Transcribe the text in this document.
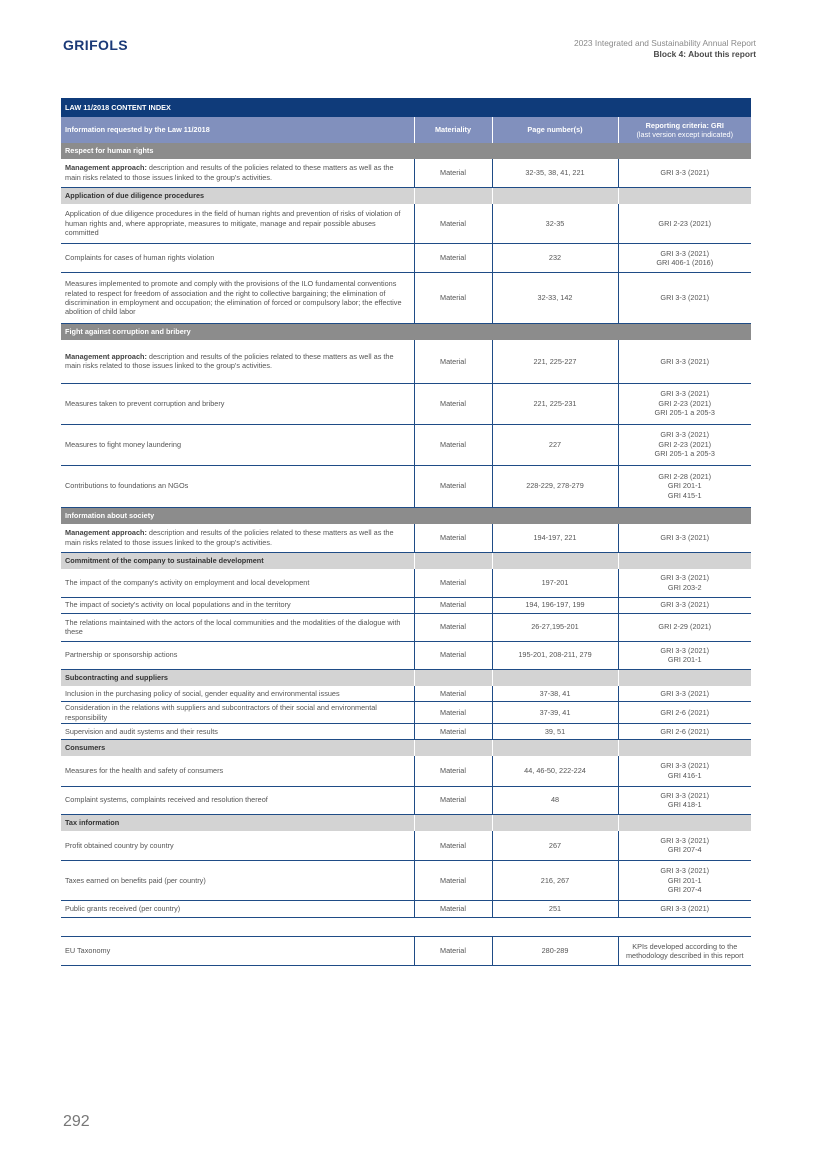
GRIFOLS	2023 Integrated and Sustainability Annual Report
Block 4: About this report
LAW 11/2018 CONTENT INDEX			
Information requested by the Law 11/2018	Materiality	Page number(s)	Reporting criteria: GRI
(last version except indicated)

Respect for human rights			
Management approach: description and results of the policies related to these matters as well as the main risks related to those issues linked to the group's activities.	Material	32-35, 38, 41, 221	GRI 3-3 (2021)

Application of due diligence procedures			
Application of due diligence procedures in the field of human rights and prevention of risks of violation of human rights and, where appropriate, measures to mitigate, manage and repair possible abuses committed	Material	32-35	GRI 2-23 (2021)

Complaints for cases of human rights violation	Material	232	GRI 3-3 (2021)
GRI 406-1 (2016)

Measures implemented to promote and comply with the provisions of the ILO fundamental conventions related to respect for freedom of association and the right to collective bargaining; the elimination of discrimination in employment and occupation; the elimination of forced or compulsory labor; the effective abolition of child labor	Material	32-33, 142	GRI 3-3 (2021)

Fight against corruption and bribery			
Management approach: description and results of the policies related to these matters as well as the main risks related to those issues linked to the group's activities.	Material	221, 225-227	GRI 3-3 (2021)

Measures taken to prevent corruption and bribery	Material	221, 225-231	GRI 3-3 (2021)
GRI 2-23 (2021)
GRI 205-1 a 205-3

Measures to fight money laundering	Material	227	GRI 3-3 (2021)
GRI 2-23 (2021)
GRI 205-1 a 205-3

Contributions to foundations an NGOs	Material	228-229, 278-279	GRI 2-28 (2021)
GRI 201-1
GRI 415-1

Information about society			
Management approach: description and results of the policies related to these matters as well as the main risks related to those issues linked to the group's activities.	Material	194-197, 221	GRI 3-3 (2021)

Commitment of the company to sustainable development			
The impact of the company's activity on employment and local development	Material	197-201	GRI 3-3 (2021)
GRI 203-2

The impact of society's activity on local populations and in the territory	Material	194, 196-197, 199	GRI 3-3 (2021)

The relations maintained with the actors of the local communities and the modalities of the dialogue with these	Material	26-27,195-201	GRI 2-29 (2021)

Partnership or sponsorship actions	Material	195-201, 208-211, 279	GRI 3-3 (2021)
GRI 201-1

Subcontracting and suppliers			
Inclusion in the purchasing policy of social, gender equality and environmental issues	Material	37-38, 41	GRI 3-3 (2021)

Consideration in the relations with suppliers and subcontractors of their social and environmental responsibility	Material	37-39, 41	GRI 2-6 (2021)

Supervision and audit systems and their results	Material	39, 51	GRI 2-6 (2021)

Consumers			
Measures for the health and safety of consumers	Material	44, 46-50, 222-224	GRI 3-3 (2021)
GRI 416-1

Complaint systems, complaints received and resolution thereof	Material	48	GRI 3-3 (2021)
GRI 418-1

Tax information			
Profit obtained country by country	Material	267	GRI 3-3 (2021)
GRI 207-4

Taxes earned on benefits paid (per country)	Material	216, 267	GRI 3-3 (2021)
GRI 201-1
GRI 207-4

Public grants received (per country)	Material	251	GRI 3-3 (2021)

EU Taxonomy	Material	280-289	KPIs developed according to the
methodology described in this report
292
